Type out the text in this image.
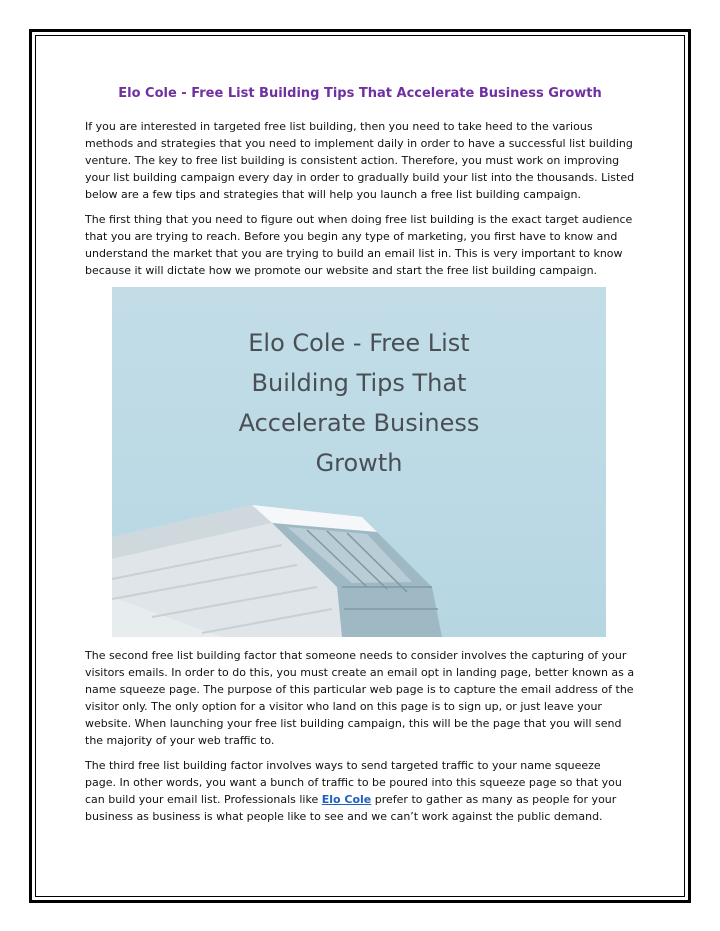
Elo Cole - Free List Building Tips That Accelerate Business Growth

If you are interested in targeted free list building, then you need to take heed to the various methods and strategies that you need to implement daily in order to have a successful list building venture. The key to free list building is consistent action. Therefore, you must work on improving your list building campaign every day in order to gradually build your list into the thousands. Listed below are a few tips and strategies that will help you launch a free list building campaign.

The first thing that you need to figure out when doing free list building is the exact target audience that you are trying to reach. Before you begin any type of marketing, you first have to know and understand the market that you are trying to build an email list in. This is very important to know because it will dictate how we promote our website and start the free list building campaign.

Elo Cole - Free List
Building Tips That
Accelerate Business
Growth

The second free list building factor that someone needs to consider involves the capturing of your visitors emails. In order to do this, you must create an email opt in landing page, better known as a name squeeze page. The purpose of this particular web page is to capture the email address of the visitor only. The only option for a visitor who land on this page is to sign up, or just leave your website. When launching your free list building campaign, this will be the page that you will send the majority of your web traffic to.

The third free list building factor involves ways to send targeted traffic to your name squeeze page. In other words, you want a bunch of traffic to be poured into this squeeze page so that you can build your email list. Professionals like Elo Cole prefer to gather as many as people for your business as business is what people like to see and we can’t work against the public demand.
